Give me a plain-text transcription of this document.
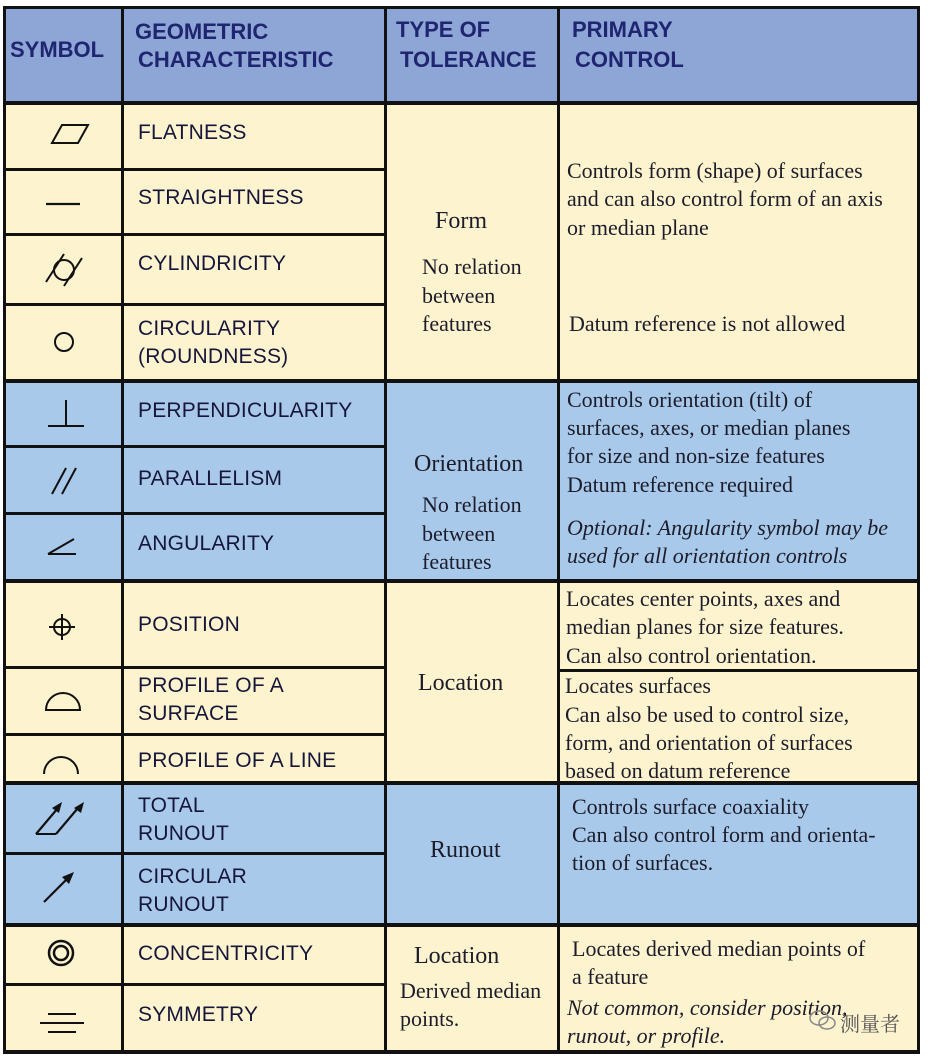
SYMBOL
GEOMETRIC
CHARACTERISTIC
TYPE OF
TOLERANCE
PRIMARY
CONTROL
FLATNESS
STRAIGHTNESS
CYLINDRICITY
CIRCULARITY
(ROUNDNESS)
PERPENDICULARITY
PARALLELISM
ANGULARITY
POSITION
PROFILE OF A
SURFACE
PROFILE OF A LINE
TOTAL
RUNOUT
CIRCULAR
RUNOUT
CONCENTRICITY
SYMMETRY
Form
No relation
between
features
Orientation
No relation
between
features
Location
Runout
Location
Derived median
points.
Controls form (shape) of surfaces
and can also control form of an axis
or median plane
Datum reference is not allowed
Controls orientation (tilt) of
surfaces, axes, or median planes
for size and non-size features
Datum reference required
Optional: Angularity symbol may be
used for all orientation controls
Locates center points, axes and
median planes for size features.
Can also control orientation.
Locates surfaces
Can also be used to control size,
form, and orientation of surfaces
based on datum reference
Controls surface coaxiality
Can also control form and orienta-
tion of surfaces.
Locates derived median points of
a feature
Not common, consider position,
runout, or profile.	测量者
